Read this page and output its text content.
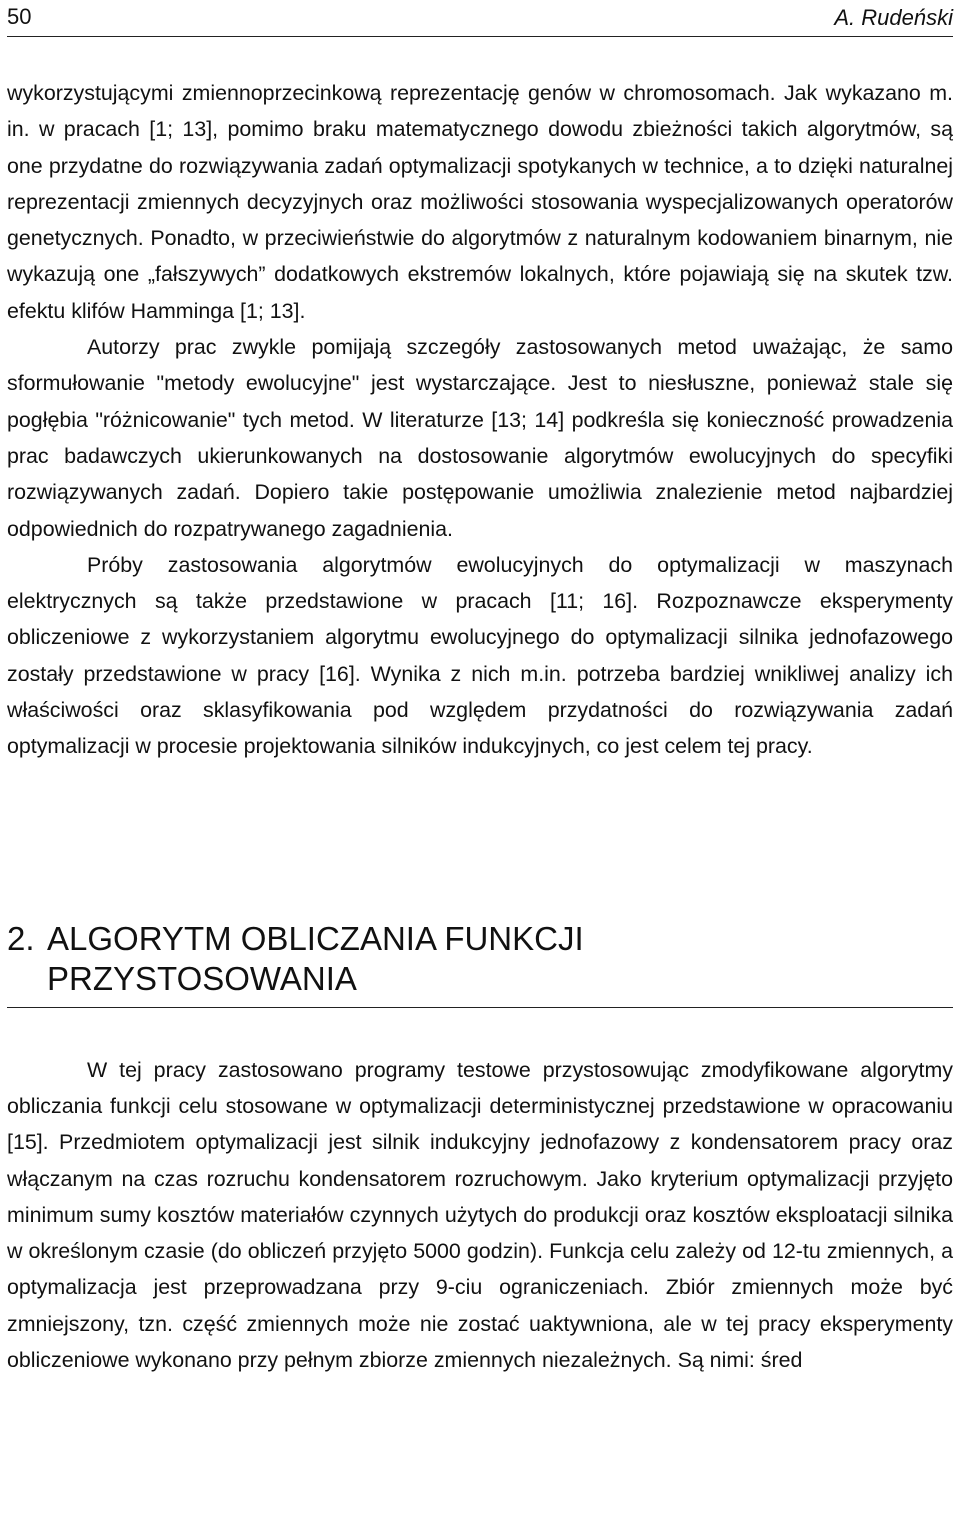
50	A. Rudeński

wykorzystującymi zmiennoprzecinkową reprezentację genów w chromosomach. Jak wykazano m. in. w pracach [1; 13], pomimo braku matematycznego dowodu zbieżności takich algorytmów, są one przydatne do rozwiązywania zadań optymalizacji spotykanych w technice, a to dzięki naturalnej reprezentacji zmiennych decyzyjnych oraz możliwości stosowania wyspecjalizowanych operatorów genetycznych. Ponadto, w przeciwieństwie do algorytmów z naturalnym kodowaniem binarnym, nie wykazują one „fałszywych” dodatkowych ekstremów lokalnych, które pojawiają się na skutek tzw. efektu klifów Hamminga [1; 13].

Autorzy prac zwykle pomijają szczegóły zastosowanych metod uważając, że samo sformułowanie "metody ewolucyjne" jest wystarczające. Jest to niesłuszne, ponieważ stale się pogłębia "różnicowanie" tych metod. W literaturze [13; 14] podkreśla się konieczność prowadzenia prac badawczych ukierunkowanych na dostosowanie algorytmów ewolucyjnych do specyfiki rozwiązywanych zadań. Dopiero takie postępowanie umożliwia znalezienie metod najbardziej odpowiednich do rozpatrywanego zagadnienia.

Próby zastosowania algorytmów ewolucyjnych do optymalizacji w maszynach elektrycznych są także przedstawione w pracach [11; 16]. Rozpoznawcze eksperymenty obliczeniowe z wykorzystaniem algorytmu ewolucyjnego do optymalizacji silnika jednofazowego zostały przedstawione w pracy [16]. Wynika z nich m.in. potrzeba bardziej wnikliwej analizy ich właściwości oraz sklasyfikowania pod względem przydatności do rozwiązywania zadań optymalizacji w procesie projektowania silników indukcyjnych, co jest celem tej pracy.

2. ALGORYTM OBLICZANIA FUNKCJI
PRZYSTOSOWANIA

W tej pracy zastosowano programy testowe przystosowując zmodyfikowane algorytmy obliczania funkcji celu stosowane w optymalizacji deterministycznej przedstawione w opracowaniu [15]. Przedmiotem optymalizacji jest silnik indukcyjny jednofazowy z kondensatorem pracy oraz włączanym na czas rozruchu kondensatorem rozruchowym. Jako kryterium optymalizacji przyjęto minimum sumy kosztów materiałów czynnych użytych do produkcji oraz kosztów eksploatacji silnika w określonym czasie (do obliczeń przyjęto 5000 godzin). Funkcja celu zależy od 12-tu zmiennych, a optymalizacja jest przeprowadzana przy 9-ciu ograniczeniach. Zbiór zmiennych może być zmniejszony, tzn. część zmiennych może nie zostać uaktywniona, ale w tej pracy eksperymenty obliczeniowe wykonano przy pełnym zbiorze zmiennych niezależnych. Są nimi: śred
